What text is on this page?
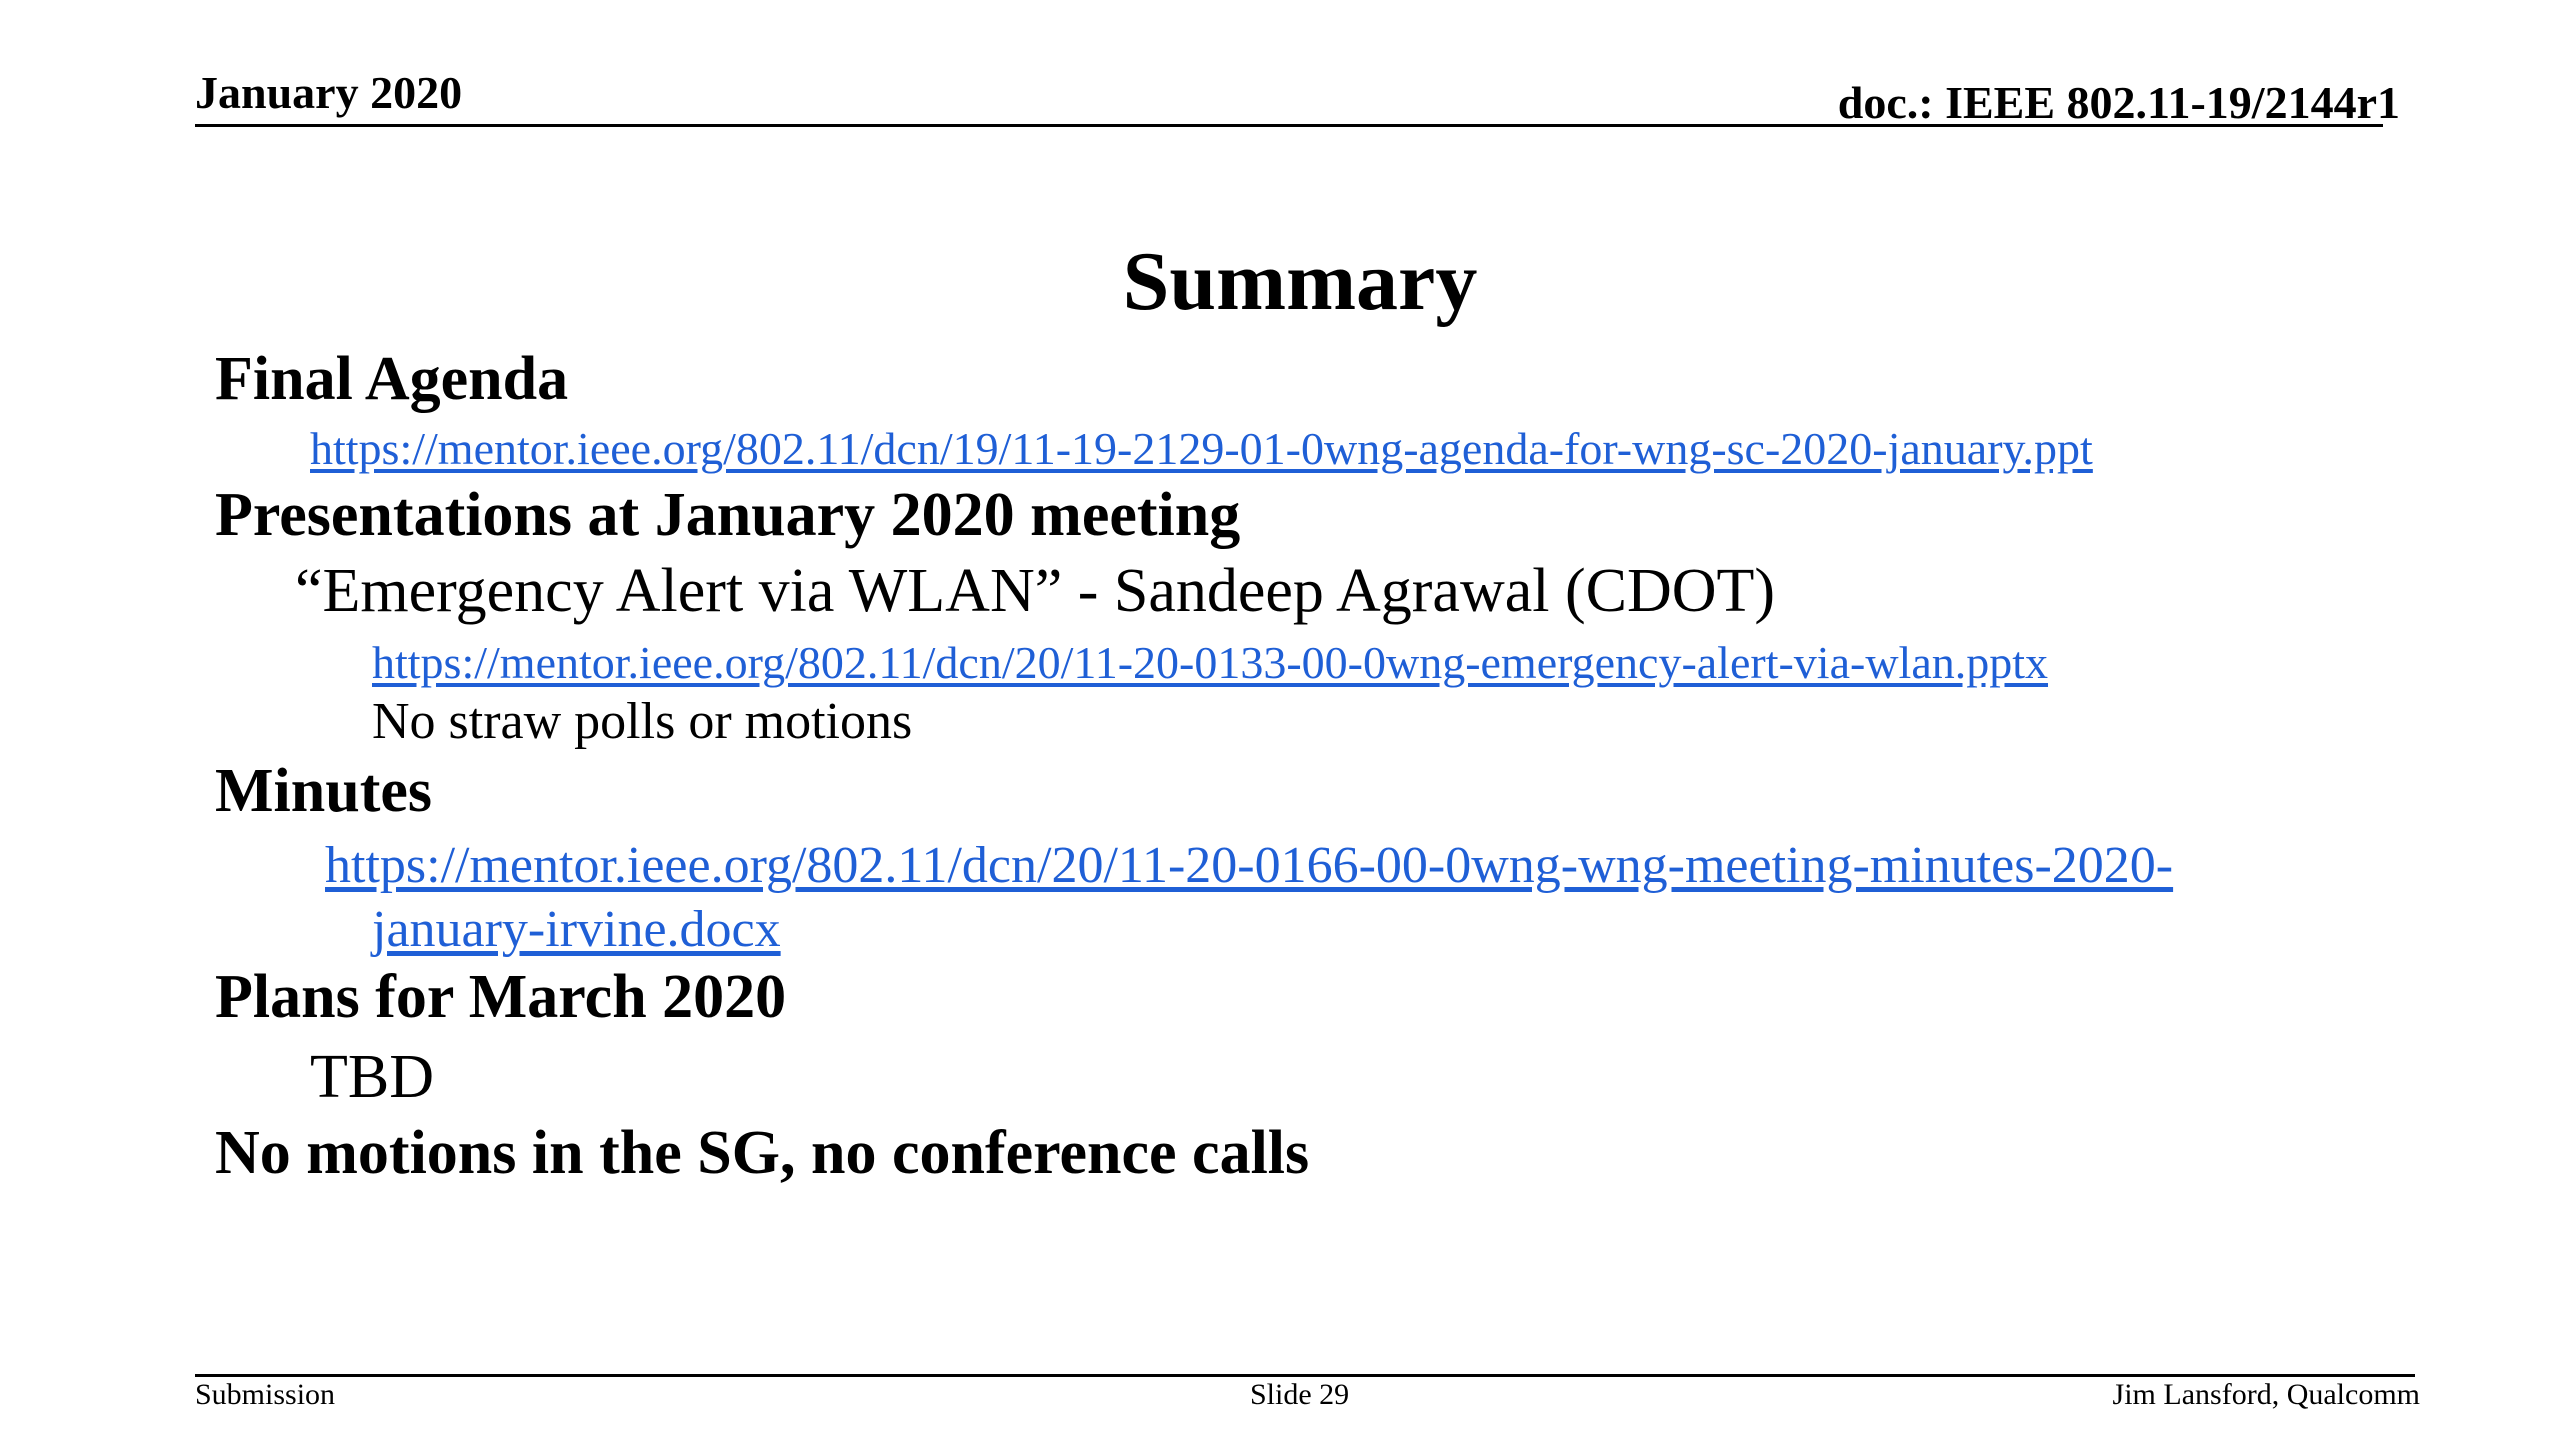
January 2020	doc.: IEEE 802.11-19/2144r1
Summary
Final Agenda
https://mentor.ieee.org/802.11/dcn/19/11-19-2129-01-0wng-agenda-for-wng-sc-2020-january.ppt
Presentations at January 2020 meeting
“Emergency Alert via WLAN” - Sandeep Agrawal (CDOT)
https://mentor.ieee.org/802.11/dcn/20/11-20-0133-00-0wng-emergency-alert-via-wlan.pptx
No straw polls or motions
Minutes
https://mentor.ieee.org/802.11/dcn/20/11-20-0166-00-0wng-wng-meeting-minutes-2020-
january-irvine.docx
Plans for March 2020
TBD
No motions in the SG, no conference calls
Submission	Slide 29	Jim Lansford, Qualcomm
